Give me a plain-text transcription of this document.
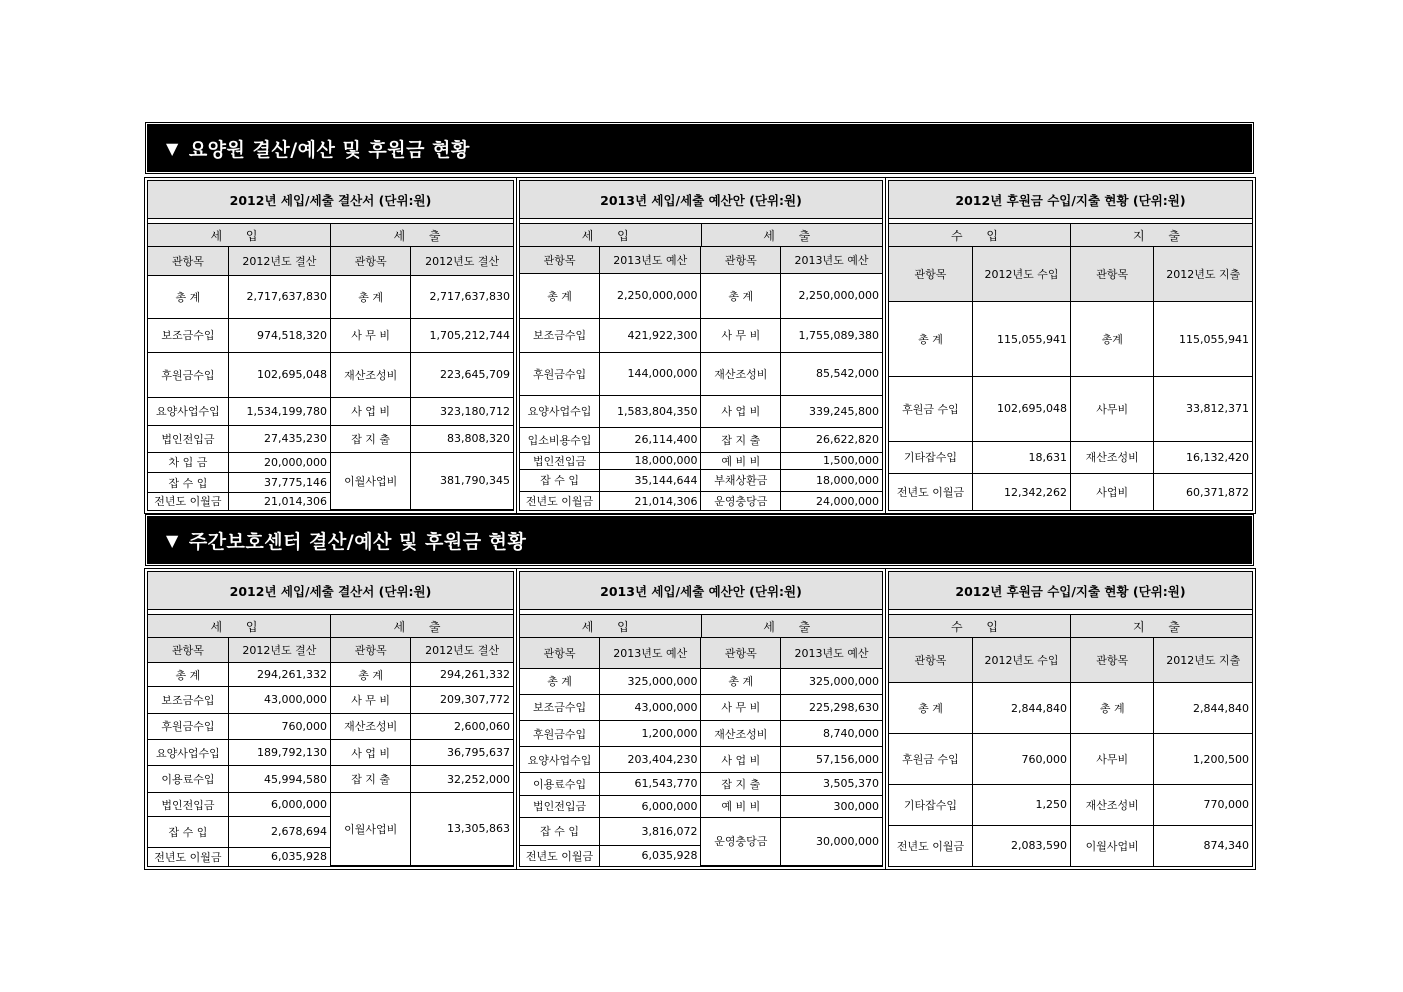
▼ 요양원 결산/예산 및 후원금 현황
2012년 세입/세출 결산서 (단위:원)
세 입	세 출
관항목	2012년도 결산	관항목	2012년도 결산
총 계	2,717,637,830	총 계	2,717,637,830
보조금수입	974,518,320	사 무 비	1,705,212,744
후원금수입	102,695,048	재산조성비	223,645,709
요양사업수입	1,534,199,780	사 업 비	323,180,712
법인전입금	27,435,230	잡 지 출	83,808,320
차 입 금	20,000,000	이월사업비	381,790,345
잡 수 입	37,775,146		
전년도 이월금	21,014,306		
2013년 세입/세출 예산안 (단위:원)
세 입	세 출
관항목	2013년도 예산	관항목	2013년도 예산
총 계	2,250,000,000	총 계	2,250,000,000
보조금수입	421,922,300	사 무 비	1,755,089,380
후원금수입	144,000,000	재산조성비	85,542,000
요양사업수입	1,583,804,350	사 업 비	339,245,800
입소비용수입	26,114,400	잡 지 출	26,622,820
법인전입금	18,000,000	예 비 비	1,500,000
잡 수 입	35,144,644	부채상환금	18,000,000
전년도 이월금	21,014,306	운영충당금	24,000,000
2012년 후원금 수입/지출 현황 (단위:원)
수 입	지 출
관항목	2012년도 수입	관항목	2012년도 지출
총 계	115,055,941	총계	115,055,941
후원금 수입	102,695,048	사무비	33,812,371
기타잡수입	18,631	재산조성비	16,132,420
전년도 이월금	12,342,262	사업비	60,371,872
▼ 주간보호센터 결산/예산 및 후원금 현황
2012년 세입/세출 결산서 (단위:원)
세 입	세 출
관항목	2012년도 결산	관항목	2012년도 결산
총 계	294,261,332	총 계	294,261,332
보조금수입	43,000,000	사 무 비	209,307,772
후원금수입	760,000	재산조성비	2,600,060
요양사업수입	189,792,130	사 업 비	36,795,637
이용료수입	45,994,580	잡 지 출	32,252,000
법인전입금	6,000,000	이월사업비	13,305,863
잡 수 입	2,678,694		
전년도 이월금	6,035,928		
2013년 세입/세출 예산안 (단위:원)
세 입	세 출
관항목	2013년도 예산	관항목	2013년도 예산
총 계	325,000,000	총 계	325,000,000
보조금수입	43,000,000	사 무 비	225,298,630
후원금수입	1,200,000	재산조성비	8,740,000
요양사업수입	203,404,230	사 업 비	57,156,000
이용료수입	61,543,770	잡 지 출	3,505,370
법인전입금	6,000,000	예 비 비	300,000
잡 수 입	3,816,072	운영충당금	30,000,000
전년도 이월금	6,035,928		
2012년 후원금 수입/지출 현황 (단위:원)
수 입	지 출
관항목	2012년도 수입	관항목	2012년도 지출
총 계	2,844,840	총 계	2,844,840
후원금 수입	760,000	사무비	1,200,500
기타잡수입	1,250	재산조성비	770,000
전년도 이월금	2,083,590	이월사업비	874,340
